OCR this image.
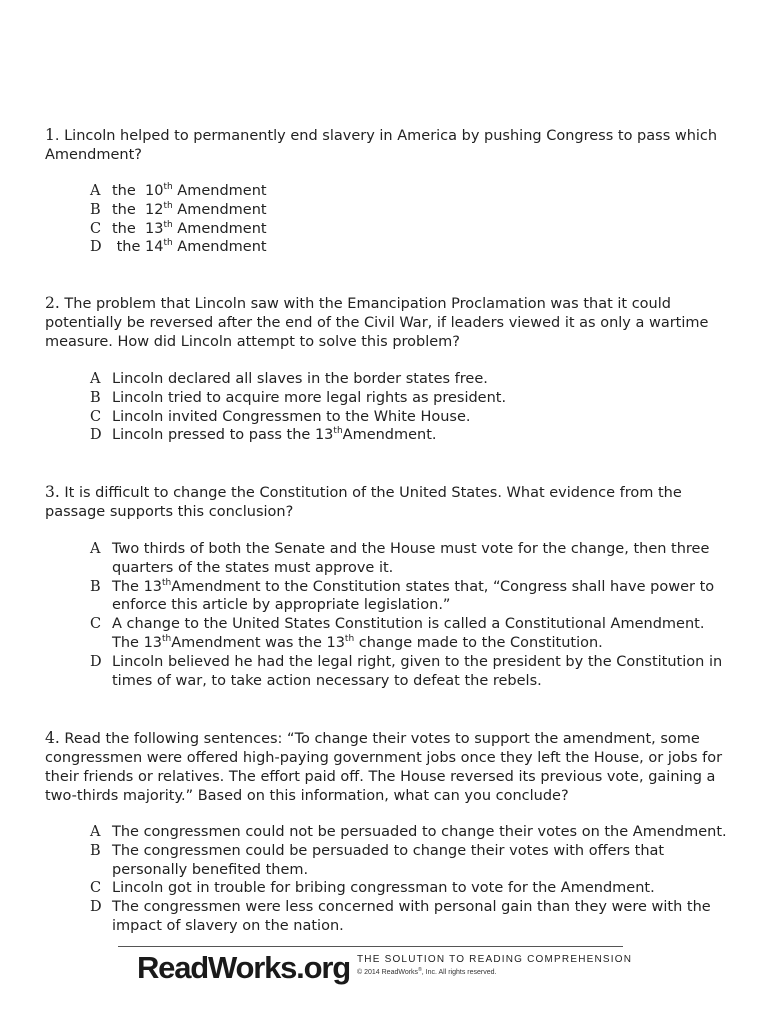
1. Lincoln helped to permanently end slavery in America by pushing Congress to pass which Amendment?
A the  10th Amendment
B the  12th Amendment
C the  13th Amendment
D the 14th Amendment
2. The problem that Lincoln saw with the Emancipation Proclamation was that it could potentially be reversed after the end of the Civil War, if leaders viewed it as only a wartime measure. How did Lincoln attempt to solve this problem?
A Lincoln declared all slaves in the border states free.
B Lincoln tried to acquire more legal rights as president.
C Lincoln invited Congressmen to the White House.
D Lincoln pressed to pass the 13thAmendment.
3. It is difficult to change the Constitution of the United States. What evidence from the passage supports this conclusion?
A Two thirds of both the Senate and the House must vote for the change, then three quarters of the states must approve it.
B The 13thAmendment to the Constitution states that, “Congress shall have power to enforce this article by appropriate legislation.”
C A change to the United States Constitution is called a Constitutional Amendment.
The 13thAmendment was the 13th change made to the Constitution.
D Lincoln believed he had the legal right, given to the president by the Constitution in times of war, to take action necessary to defeat the rebels.
4. Read the following sentences: “To change their votes to support the amendment, some congressmen were offered high-paying government jobs once they left the House, or jobs for their friends or relatives. The effort paid off. The House reversed its previous vote, gaining a two-thirds majority.” Based on this information, what can you conclude?
A The congressmen could not be persuaded to change their votes on the Amendment.
B The congressmen could be persuaded to change their votes with offers that personally benefited them.
C Lincoln got in trouble for bribing congressman to vote for the Amendment.
D The congressmen were less concerned with personal gain than they were with the impact of slavery on the nation.
ReadWorks.org THE SOLUTION TO READING COMPREHENSION
© 2014 ReadWorks®, Inc. All rights reserved.
